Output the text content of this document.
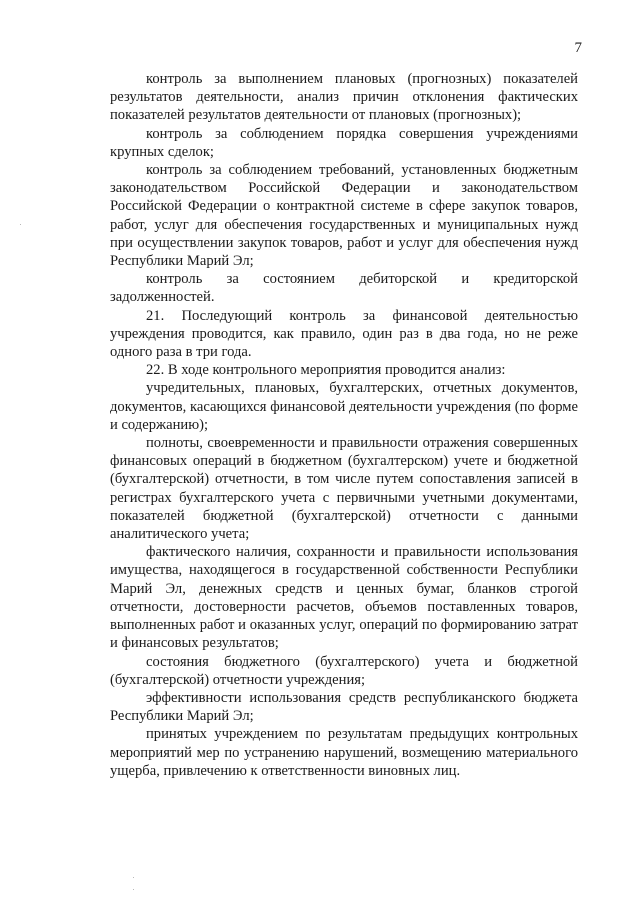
7

контроль за выполнением плановых (прогнозных) показателей результатов деятельности, анализ причин отклонения фактических показателей результатов деятельности от плановых (прогнозных);

контроль за соблюдением порядка совершения учреждениями крупных сделок;

контроль за соблюдением требований, установленных бюджетным законодательством Российской Федерации и законодательством Российской Федерации о контрактной системе в сфере закупок товаров, работ, услуг для обеспечения государственных и муниципальных нужд при осуществлении закупок товаров, работ и услуг для обеспечения нужд Республики Марий Эл;

контроль за состоянием дебиторской и кредиторской задолженностей.

21. Последующий контроль за финансовой деятельностью учреждения проводится, как правило, один раз в два года, но не реже одного раза в три года.

22. В ходе контрольного мероприятия проводится анализ:

учредительных, плановых, бухгалтерских, отчетных документов, документов, касающихся финансовой деятельности учреждения (по форме и содержанию);

полноты, своевременности и правильности отражения совершенных финансовых операций в бюджетном (бухгалтерском) учете и бюджетной (бухгалтерской) отчетности, в том числе путем сопоставления записей в регистрах бухгалтерского учета с первичными учетными документами, показателей бюджетной (бухгалтерской) отчетности с данными аналитического учета;

фактического наличия, сохранности и правильности использования имущества, находящегося в государственной собственности Республики Марий Эл, денежных средств и ценных бумаг, бланков строгой отчетности, достоверности расчетов, объемов поставленных товаров, выполненных работ и оказанных услуг, операций по формированию затрат и финансовых результатов;

состояния бюджетного (бухгалтерского) учета и бюджетной (бухгалтерской) отчетности учреждения;

эффективности использования средств республиканского бюджета Республики Марий Эл;

принятых учреждением по результатам предыдущих контрольных мероприятий мер по устранению нарушений, возмещению материального ущерба, привлечению к ответственности виновных лиц.
